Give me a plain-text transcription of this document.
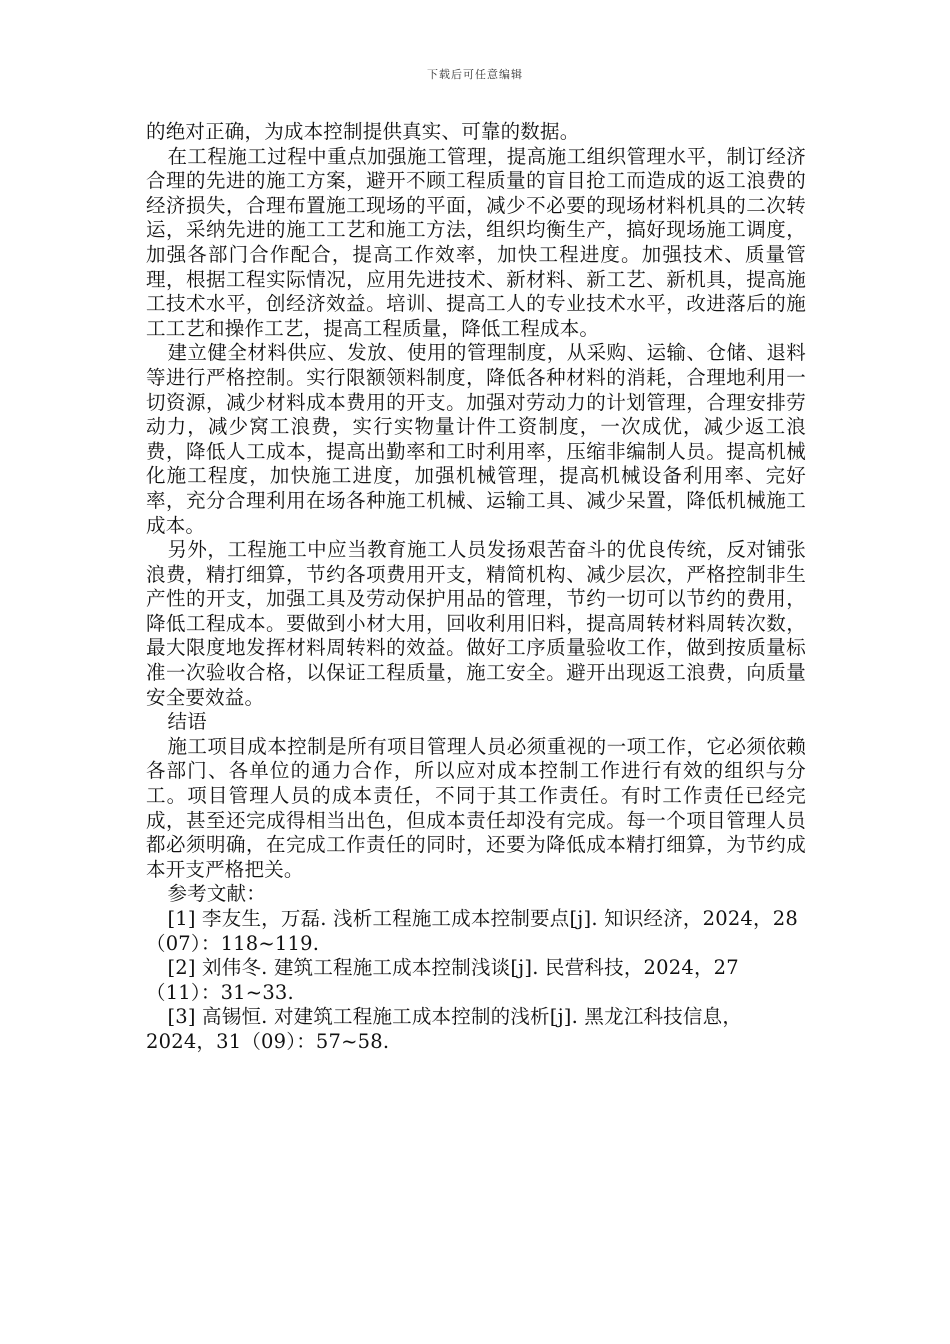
下载后可任意编辑

的绝对正确，为成本控制提供真实、可靠的数据。

在工程施工过程中重点加强施工管理，提高施工组织管理水平，制订经济合理的先进的施工方案，避开不顾工程质量的盲目抢工而造成的返工浪费的经济损失，合理布置施工现场的平面，减少不必要的现场材料机具的二次转运，采纳先进的施工工艺和施工方法，组织均衡生产，搞好现场施工调度，加强各部门合作配合，提高工作效率，加快工程进度。加强技术、质量管理，根据工程实际情况，应用先进技术、新材料、新工艺、新机具，提高施工技术水平，创经济效益。培训、提高工人的专业技术水平，改进落后的施工工艺和操作工艺，提高工程质量，降低工程成本。

建立健全材料供应、发放、使用的管理制度，从采购、运输、仓储、退料等进行严格控制。实行限额领料制度，降低各种材料的消耗，合理地利用一切资源，减少材料成本费用的开支。加强对劳动力的计划管理，合理安排劳动力，减少窝工浪费，实行实物量计件工资制度，一次成优，减少返工浪费，降低人工成本，提高出勤率和工时利用率，压缩非编制人员。提高机械化施工程度，加快施工进度，加强机械管理，提高机械设备利用率、完好率，充分合理利用在场各种施工机械、运输工具、减少呆置，降低机械施工成本。

另外，工程施工中应当教育施工人员发扬艰苦奋斗的优良传统，反对铺张浪费，精打细算，节约各项费用开支，精简机构、减少层次，严格控制非生产性的开支，加强工具及劳动保护用品的管理，节约一切可以节约的费用，降低工程成本。要做到小材大用，回收利用旧料，提高周转材料周转次数，最大限度地发挥材料周转料的效益。做好工序质量验收工作，做到按质量标准一次验收合格，以保证工程质量，施工安全。避开出现返工浪费，向质量安全要效益。

结语

施工项目成本控制是所有项目管理人员必须重视的一项工作，它必须依赖各部门、各单位的通力合作，所以应对成本控制工作进行有效的组织与分工。项目管理人员的成本责任，不同于其工作责任。有时工作责任已经完成，甚至还完成得相当出色，但成本责任却没有完成。每一个项目管理人员都必须明确，在完成工作责任的同时，还要为降低成本精打细算，为节约成本开支严格把关。

参考文献：

[1] 李友生，万磊. 浅析工程施工成本控制要点[j]. 知识经济，2024，28（07）：118~119.

[2] 刘伟冬. 建筑工程施工成本控制浅谈[j]. 民营科技，2024，27（11）：31~33.

[3] 高锡恒. 对建筑工程施工成本控制的浅析[j]. 黑龙江科技信息，2024，31（09）：57~58.
